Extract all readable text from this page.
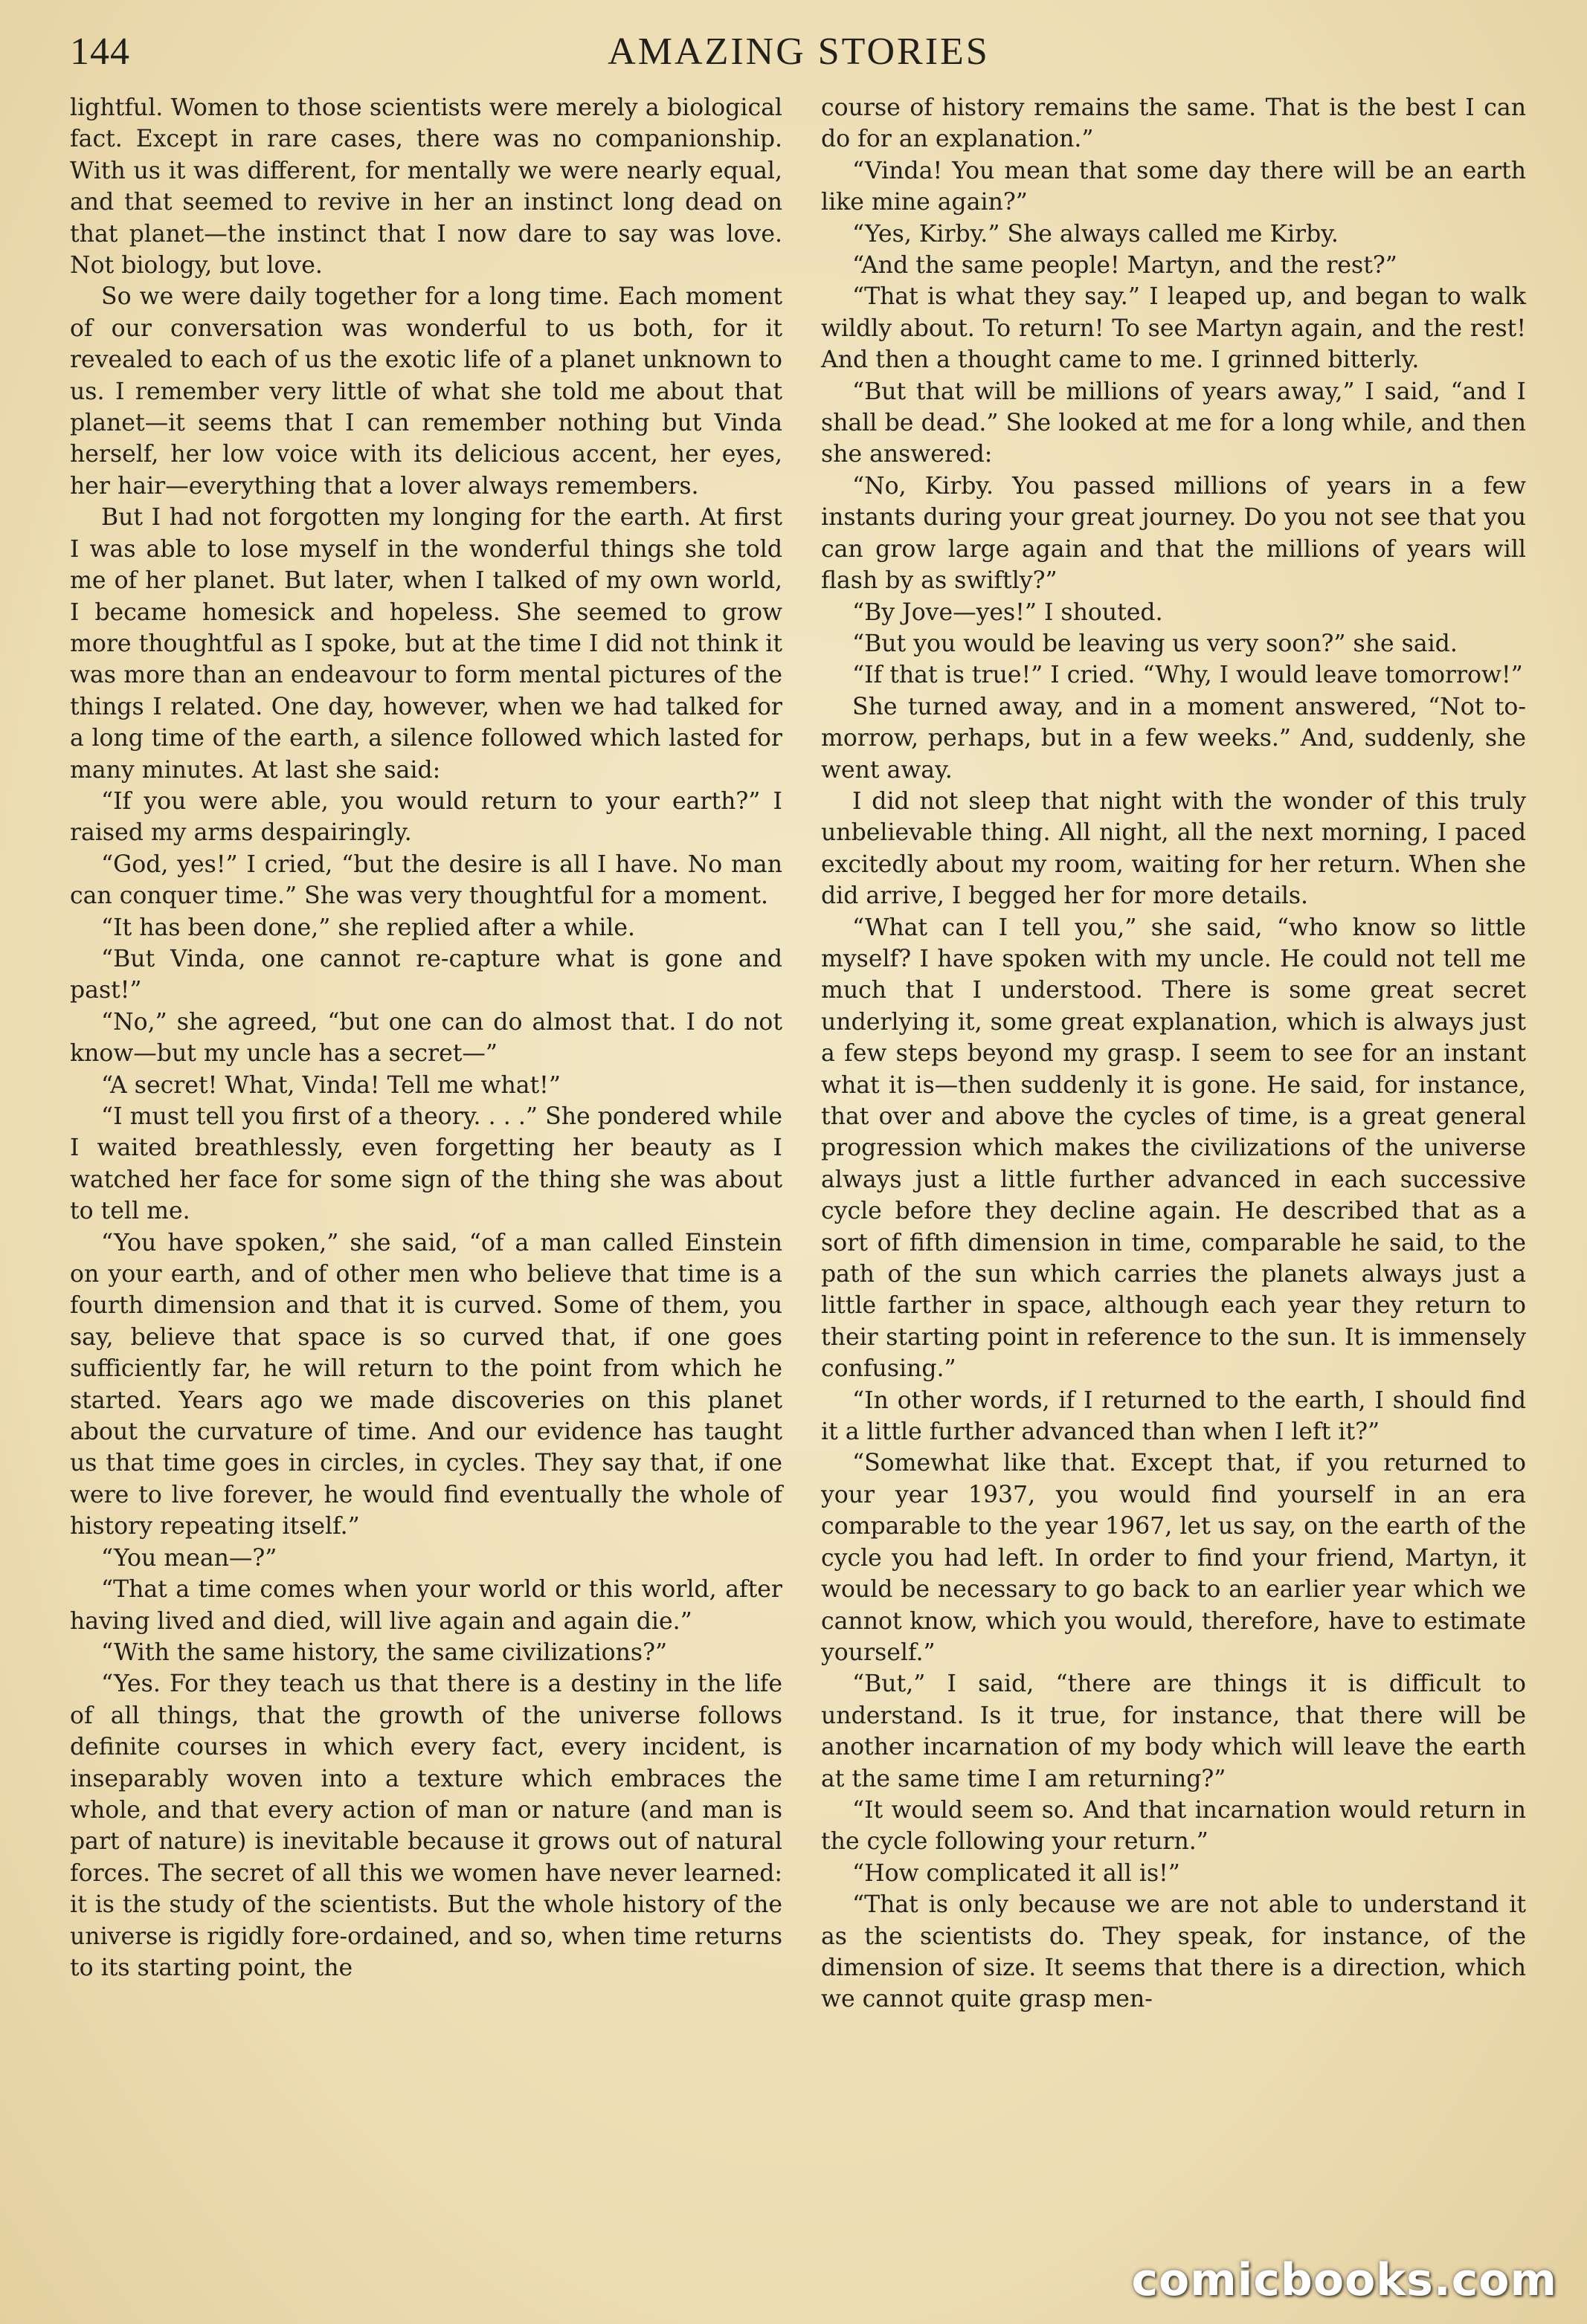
144	AMAZING STORIES

lightful. Women to those scientists were merely a biological fact. Except in rare cases, there was no companionship. With us it was different, for mentally we were nearly equal, and that seemed to revive in her an instinct long dead on that planet—the instinct that I now dare to say was love. Not biology, but love.

So we were daily together for a long time. Each moment of our conversation was wonderful to us both, for it revealed to each of us the exotic life of a planet unknown to us. I remember very little of what she told me about that planet—it seems that I can remember nothing but Vinda herself, her low voice with its delicious accent, her eyes, her hair—everything that a lover always remembers.

But I had not forgotten my longing for the earth. At first I was able to lose myself in the wonderful things she told me of her planet. But later, when I talked of my own world, I became homesick and hopeless. She seemed to grow more thoughtful as I spoke, but at the time I did not think it was more than an endeavour to form mental pictures of the things I related. One day, however, when we had talked for a long time of the earth, a silence followed which lasted for many minutes. At last she said:

“If you were able, you would return to your earth?” I raised my arms despairingly.

“God, yes!” I cried, “but the desire is all I have. No man can conquer time.” She was very thoughtful for a moment.

“It has been done,” she replied after a while.

“But Vinda, one cannot re-capture what is gone and past!”

“No,” she agreed, “but one can do almost that. I do not know—but my uncle has a secret—”

“A secret! What, Vinda! Tell me what!”

“I must tell you first of a theory. . . .” She pondered while I waited breathlessly, even forgetting her beauty as I watched her face for some sign of the thing she was about to tell me.

“You have spoken,” she said, “of a man called Einstein on your earth, and of other men who believe that time is a fourth dimension and that it is curved. Some of them, you say, believe that space is so curved that, if one goes sufficiently far, he will return to the point from which he started. Years ago we made discoveries on this planet about the curvature of time. And our evidence has taught us that time goes in circles, in cycles. They say that, if one were to live forever, he would find eventually the whole of history repeating itself.”

“You mean—?”

“That a time comes when your world or this world, after having lived and died, will live again and again die.”

“With the same history, the same civilizations?”

“Yes. For they teach us that there is a destiny in the life of all things, that the growth of the universe follows definite courses in which every fact, every incident, is inseparably woven into a texture which embraces the whole, and that every action of man or nature (and man is part of nature) is inevitable because it grows out of natural forces. The secret of all this we women have never learned: it is the study of the scientists. But the whole history of the universe is rigidly fore-ordained, and so, when time returns to its starting point, the

course of history remains the same. That is the best I can do for an explanation.”

“Vinda! You mean that some day there will be an earth like mine again?”

“Yes, Kirby.” She always called me Kirby.

“And the same people! Martyn, and the rest?”

“That is what they say.” I leaped up, and began to walk wildly about. To return! To see Martyn again, and the rest! And then a thought came to me. I grinned bitterly.

“But that will be millions of years away,” I said, “and I shall be dead.” She looked at me for a long while, and then she answered:

“No, Kirby. You passed millions of years in a few instants during your great journey. Do you not see that you can grow large again and that the millions of years will flash by as swiftly?”

“By Jove—yes!” I shouted.

“But you would be leaving us very soon?” she said.

“If that is true!” I cried. “Why, I would leave tomorrow!”

She turned away, and in a moment answered, “Not to-morrow, perhaps, but in a few weeks.” And, suddenly, she went away.

I did not sleep that night with the wonder of this truly unbelievable thing. All night, all the next morning, I paced excitedly about my room, waiting for her return. When she did arrive, I begged her for more details.

“What can I tell you,” she said, “who know so little myself? I have spoken with my uncle. He could not tell me much that I understood. There is some great secret underlying it, some great explanation, which is always just a few steps beyond my grasp. I seem to see for an instant what it is—then suddenly it is gone. He said, for instance, that over and above the cycles of time, is a great general progression which makes the civilizations of the universe always just a little further advanced in each successive cycle before they decline again. He described that as a sort of fifth dimension in time, comparable he said, to the path of the sun which carries the planets always just a little farther in space, although each year they return to their starting point in reference to the sun. It is immensely confusing.”

“In other words, if I returned to the earth, I should find it a little further advanced than when I left it?”

“Somewhat like that. Except that, if you returned to your year 1937, you would find yourself in an era comparable to the year 1967, let us say, on the earth of the cycle you had left. In order to find your friend, Martyn, it would be necessary to go back to an earlier year which we cannot know, which you would, therefore, have to estimate yourself.”

“But,” I said, “there are things it is difficult to understand. Is it true, for instance, that there will be another incarnation of my body which will leave the earth at the same time I am returning?”

“It would seem so. And that incarnation would return in the cycle following your return.”

“How complicated it all is!”

“That is only because we are not able to understand it as the scientists do. They speak, for instance, of the dimension of size. It seems that there is a direction, which we cannot quite grasp men-

comicbooks.com
